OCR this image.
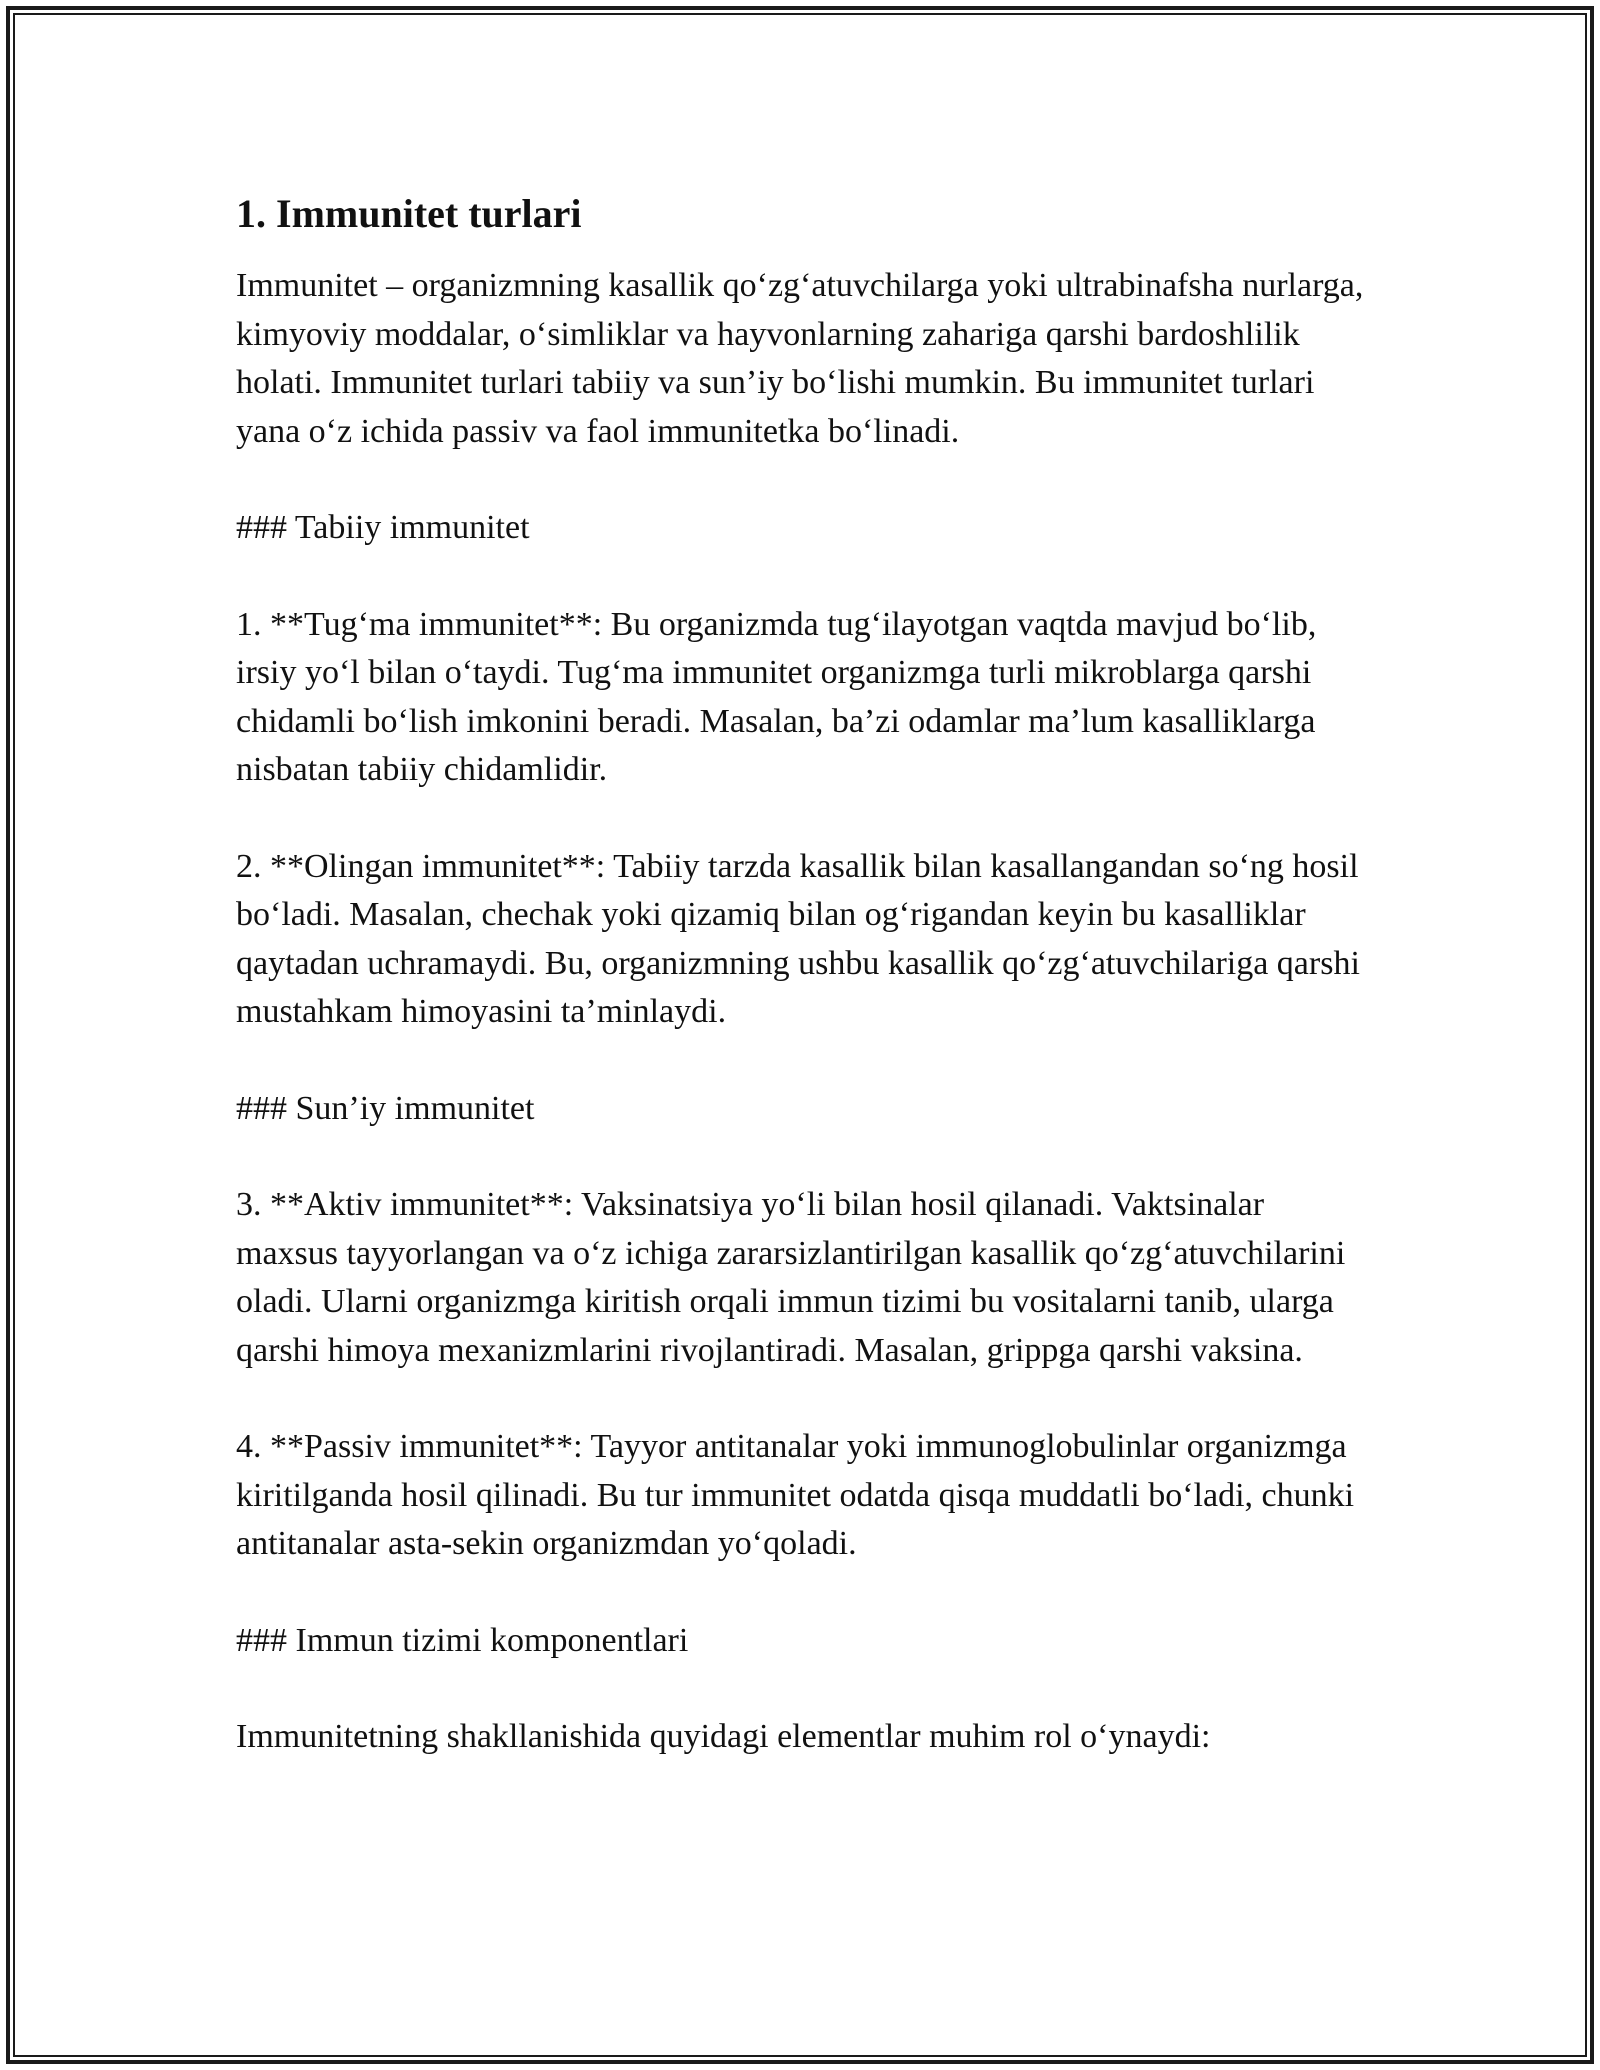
1. Immunitet turlari

Immunitet – organizmning kasallik qo‘zg‘atuvchilarga yoki ultrabinafsha nurlarga, kimyoviy moddalar, o‘simliklar va hayvonlarning zahariga qarshi bardoshlilik holati. Immunitet turlari tabiiy va sun’iy bo‘lishi mumkin. Bu immunitet turlari yana o‘z ichida passiv va faol immunitetka bo‘linadi.

### Tabiiy immunitet

1. **Tug‘ma immunitet**: Bu organizmda tug‘ilayotgan vaqtda mavjud bo‘lib, irsiy yo‘l bilan o‘taydi. Tug‘ma immunitet organizmga turli mikroblarga qarshi chidamli bo‘lish imkonini beradi. Masalan, ba’zi odamlar ma’lum kasalliklarga nisbatan tabiiy chidamlidir.

2. **Olingan immunitet**: Tabiiy tarzda kasallik bilan kasallangandan so‘ng hosil bo‘ladi. Masalan, chechak yoki qizamiq bilan og‘rigandan keyin bu kasalliklar qaytadan uchramaydi. Bu, organizmning ushbu kasallik qo‘zg‘atuvchilariga qarshi mustahkam himoyasini ta’minlaydi.

### Sun’iy immunitet

3. **Aktiv immunitet**: Vaksinatsiya yo‘li bilan hosil qilanadi. Vaktsinalar maxsus tayyorlangan va o‘z ichiga zararsizlantirilgan kasallik qo‘zg‘atuvchilarini oladi. Ularni organizmga kiritish orqali immun tizimi bu vositalarni tanib, ularga qarshi himoya mexanizmlarini rivojlantiradi. Masalan, grippga qarshi vaksina.

4. **Passiv immunitet**: Tayyor antitanalar yoki immunoglobulinlar organizmga kiritilganda hosil qilinadi. Bu tur immunitet odatda qisqa muddatli bo‘ladi, chunki antitanalar asta-sekin organizmdan yo‘qoladi.

### Immun tizimi komponentlari

Immunitetning shakllanishida quyidagi elementlar muhim rol o‘ynaydi:
